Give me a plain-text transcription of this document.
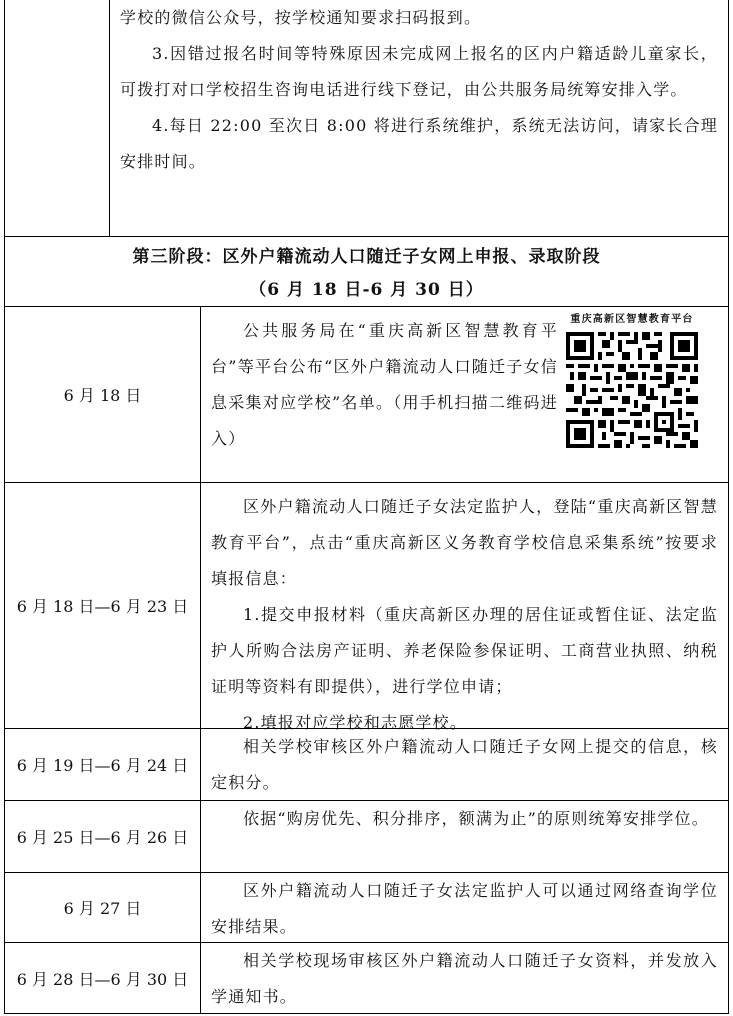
学校的微信公众号，按学校通知要求扫码报到。

3.因错过报名时间等特殊原因未完成网上报名的区内户籍适龄儿童家长，可拨打对口学校招生咨询电话进行线下登记，由公共服务局统筹安排入学。

4.每日 22:00 至次日 8:00 将进行系统维护，系统无法访问，请家长合理安排时间。

第三阶段：区外户籍流动人口随迁子女网上申报、录取阶段
（6 月 18 日-6 月 30 日）
6 月 18 日

公共服务局在“重庆高新区智慧教育平台”等平台公布“区外户籍流动人口随迁子女信息采集对应学校”名单。（用手机扫描二维码进入）

重庆高新区智慧教育平台
6 月 18 日—6 月 23 日

区外户籍流动人口随迁子女法定监护人，登陆“重庆高新区智慧教育平台”，点击“重庆高新区义务教育学校信息采集系统”按要求填报信息：

1.提交申报材料（重庆高新区办理的居住证或暂住证、法定监护人所购合法房产证明、养老保险参保证明、工商营业执照、纳税证明等资料有即提供），进行学位申请；

2.填报对应学校和志愿学校。

6 月 19 日—6 月 24 日

相关学校审核区外户籍流动人口随迁子女网上提交的信息，核定积分。

6 月 25 日—6 月 26 日

依据“购房优先、积分排序，额满为止”的原则统筹安排学位。

6 月 27 日

区外户籍流动人口随迁子女法定监护人可以通过网络查询学位安排结果。

6 月 28 日—6 月 30 日

相关学校现场审核区外户籍流动人口随迁子女资料，并发放入学通知书。
